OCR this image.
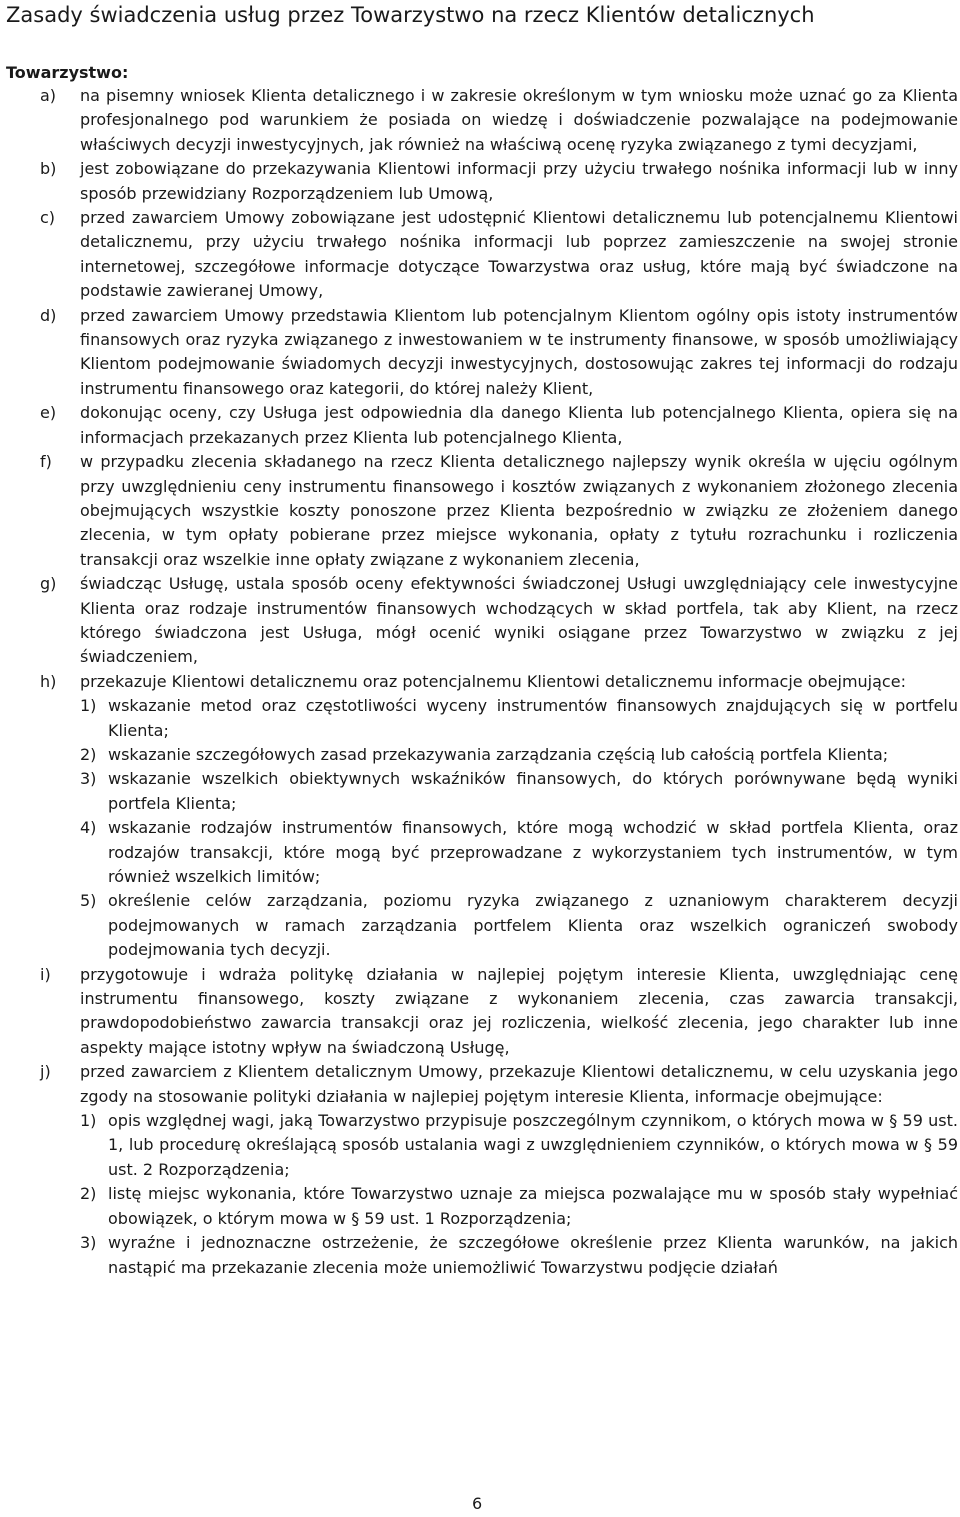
Zasady świadczenia usług przez Towarzystwo na rzecz Klientów detalicznych
Towarzystwo:
a) na pisemny wniosek Klienta detalicznego i w zakresie określonym w tym wniosku może uznać go za Klienta profesjonalnego pod warunkiem że posiada on wiedzę i doświadczenie pozwalające na podejmowanie właściwych decyzji inwestycyjnych, jak również na właściwą ocenę ryzyka związanego z tymi decyzjami,
b) jest zobowiązane do przekazywania Klientowi informacji przy użyciu trwałego nośnika informacji lub w inny sposób przewidziany Rozporządzeniem lub Umową,
c) przed zawarciem Umowy zobowiązane jest udostępnić Klientowi detalicznemu lub potencjalnemu Klientowi detalicznemu, przy użyciu trwałego nośnika informacji lub poprzez zamieszczenie na swojej stronie internetowej, szczegółowe informacje dotyczące Towarzystwa oraz usług, które mają być świadczone na podstawie zawieranej Umowy,
d) przed zawarciem Umowy przedstawia Klientom lub potencjalnym Klientom ogólny opis istoty instrumentów finansowych oraz ryzyka związanego z inwestowaniem w te instrumenty finansowe, w sposób umożliwiający Klientom podejmowanie świadomych decyzji inwestycyjnych, dostosowując zakres tej informacji do rodzaju instrumentu finansowego oraz kategorii, do której należy Klient,
e) dokonując oceny, czy Usługa jest odpowiednia dla danego Klienta lub potencjalnego Klienta, opiera się na informacjach przekazanych przez Klienta lub potencjalnego Klienta,
f) w przypadku zlecenia składanego na rzecz Klienta detalicznego najlepszy wynik określa w ujęciu ogólnym przy uwzględnieniu ceny instrumentu finansowego i kosztów związanych z wykonaniem złożonego zlecenia obejmujących wszystkie koszty ponoszone przez Klienta bezpośrednio w związku ze złożeniem danego zlecenia, w tym opłaty pobierane przez miejsce wykonania, opłaty z tytułu rozrachunku i rozliczenia transakcji oraz wszelkie inne opłaty związane z wykonaniem zlecenia,
g) świadcząc Usługę, ustala sposób oceny efektywności świadczonej Usługi uwzględniający cele inwestycyjne Klienta oraz rodzaje instrumentów finansowych wchodzących w skład portfela, tak aby Klient, na rzecz którego świadczona jest Usługa, mógł ocenić wyniki osiągane przez Towarzystwo w związku z jej świadczeniem,
h) przekazuje Klientowi detalicznemu oraz potencjalnemu Klientowi detalicznemu informacje obejmujące:
1) wskazanie metod oraz częstotliwości wyceny instrumentów finansowych znajdujących się w portfelu Klienta;
2) wskazanie szczegółowych zasad przekazywania zarządzania częścią lub całością portfela Klienta;
3) wskazanie wszelkich obiektywnych wskaźników finansowych, do których porównywane będą wyniki portfela Klienta;
4) wskazanie rodzajów instrumentów finansowych, które mogą wchodzić w skład portfela Klienta, oraz rodzajów transakcji, które mogą być przeprowadzane z wykorzystaniem tych instrumentów, w tym również wszelkich limitów;
5) określenie celów zarządzania, poziomu ryzyka związanego z uznaniowym charakterem decyzji podejmowanych w ramach zarządzania portfelem Klienta oraz wszelkich ograniczeń swobody podejmowania tych decyzji.
i) przygotowuje i wdraża politykę działania w najlepiej pojętym interesie Klienta, uwzględniając cenę instrumentu finansowego, koszty związane z wykonaniem zlecenia, czas zawarcia transakcji, prawdopodobieństwo zawarcia transakcji oraz jej rozliczenia, wielkość zlecenia, jego charakter lub inne aspekty mające istotny wpływ na świadczoną Usługę,
j) przed zawarciem z Klientem detalicznym Umowy, przekazuje Klientowi detalicznemu, w celu uzyskania jego zgody na stosowanie polityki działania w najlepiej pojętym interesie Klienta, informacje obejmujące:
1) opis względnej wagi, jaką Towarzystwo przypisuje poszczególnym czynnikom, o których mowa w § 59 ust. 1, lub procedurę określającą sposób ustalania wagi z uwzględnieniem czynników, o których mowa w § 59 ust. 2 Rozporządzenia;
2) listę miejsc wykonania, które Towarzystwo uznaje za miejsca pozwalające mu w sposób stały wypełniać obowiązek, o którym mowa w § 59 ust. 1 Rozporządzenia;
3) wyraźne i jednoznaczne ostrzeżenie, że szczegółowe określenie przez Klienta warunków, na jakich nastąpić ma przekazanie zlecenia może uniemożliwić Towarzystwu podjęcie działań

6
